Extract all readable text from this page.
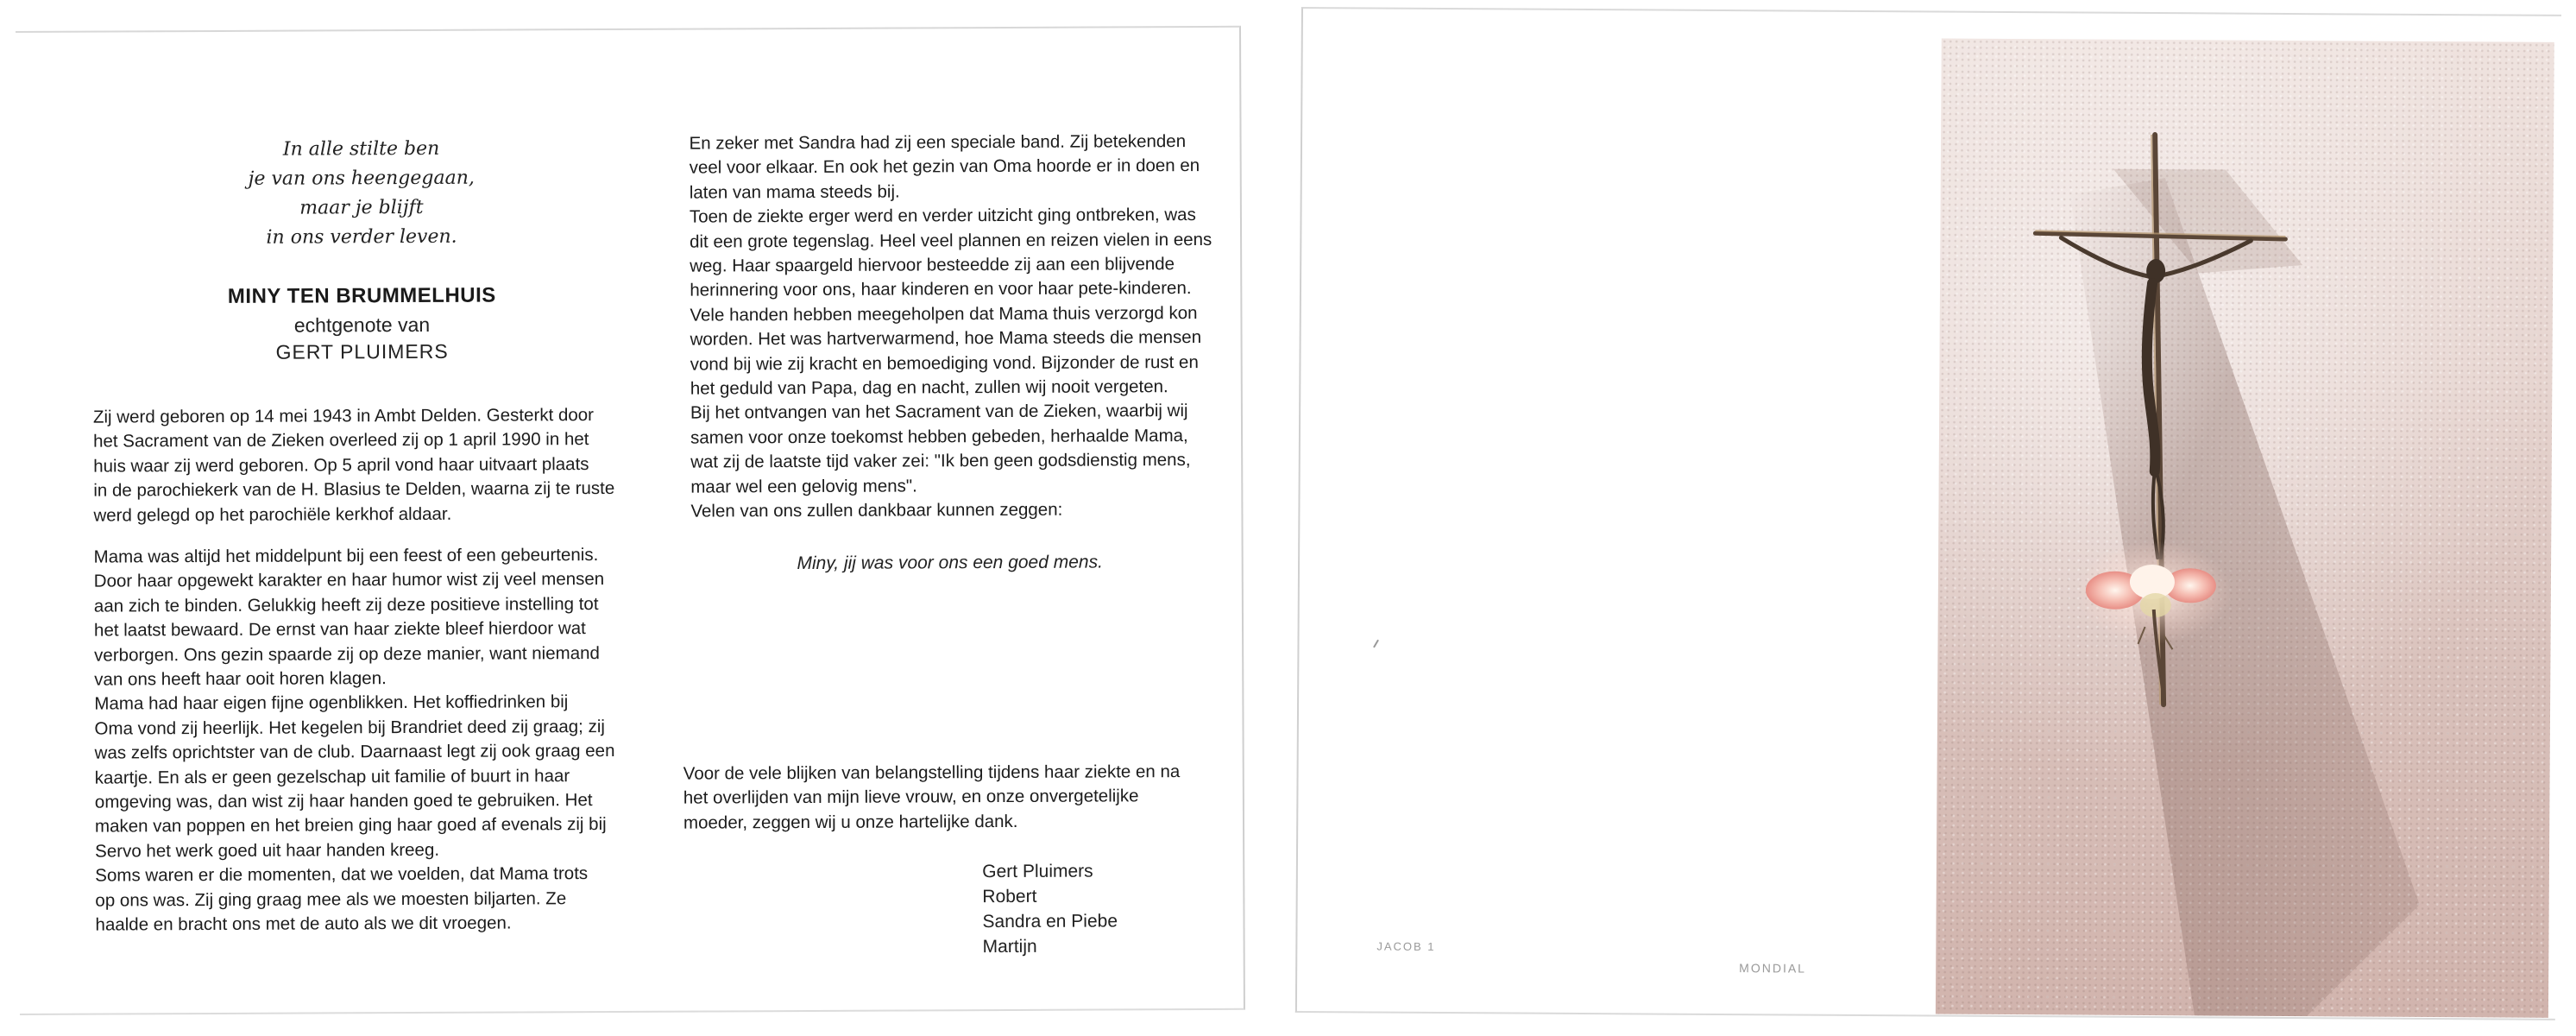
In alle stilte ben
je van ons heengegaan,
maar je blijft
in ons verder leven.
MINY TEN BRUMMELHUIS
echtgenote van
GERT PLUIMERS
Zij werd geboren op 14 mei 1943 in Ambt Delden. Gesterkt door
het Sacrament van de Zieken overleed zij op 1 april 1990 in het
huis waar zij werd geboren. Op 5 april vond haar uitvaart plaats
in de parochiekerk van de H. Blasius te Delden, waarna zij te ruste
werd gelegd op het parochiële kerkhof aldaar.
Mama was altijd het middelpunt bij een feest of een gebeurtenis.
Door haar opgewekt karakter en haar humor wist zij veel mensen
aan zich te binden. Gelukkig heeft zij deze positieve instelling tot
het laatst bewaard. De ernst van haar ziekte bleef hierdoor wat
verborgen. Ons gezin spaarde zij op deze manier, want niemand
van ons heeft haar ooit horen klagen.
Mama had haar eigen fijne ogenblikken. Het koffiedrinken bij
Oma vond zij heerlijk. Het kegelen bij Brandriet deed zij graag; zij
was zelfs oprichtster van de club. Daarnaast legt zij ook graag een
kaartje. En als er geen gezelschap uit familie of buurt in haar
omgeving was, dan wist zij haar handen goed te gebruiken. Het
maken van poppen en het breien ging haar goed af evenals zij bij
Servo het werk goed uit haar handen kreeg.
Soms waren er die momenten, dat we voelden, dat Mama trots
op ons was. Zij ging graag mee als we moesten biljarten. Ze
haalde en bracht ons met de auto als we dit vroegen.
En zeker met Sandra had zij een speciale band. Zij betekenden
veel voor elkaar. En ook het gezin van Oma hoorde er in doen en
laten van mama steeds bij.
Toen de ziekte erger werd en verder uitzicht ging ontbreken, was
dit een grote tegenslag. Heel veel plannen en reizen vielen in eens
weg. Haar spaargeld hiervoor besteedde zij aan een blijvende
herinnering voor ons, haar kinderen en voor haar pete-kinderen.
Vele handen hebben meegeholpen dat Mama thuis verzorgd kon
worden. Het was hartverwarmend, hoe Mama steeds die mensen
vond bij wie zij kracht en bemoediging vond. Bijzonder de rust en
het geduld van Papa, dag en nacht, zullen wij nooit vergeten.
Bij het ontvangen van het Sacrament van de Zieken, waarbij wij
samen voor onze toekomst hebben gebeden, herhaalde Mama,
wat zij de laatste tijd vaker zei: "Ik ben geen godsdienstig mens,
maar wel een gelovig mens".
Velen van ons zullen dankbaar kunnen zeggen:
Miny, jij was voor ons een goed mens.
Voor de vele blijken van belangstelling tijdens haar ziekte en na
het overlijden van mijn lieve vrouw, en onze onvergetelijke
moeder, zeggen wij u onze hartelijke dank.
Gert Pluimers
Robert
Sandra en Piebe
Martijn	JACOB 1
MONDIAL
